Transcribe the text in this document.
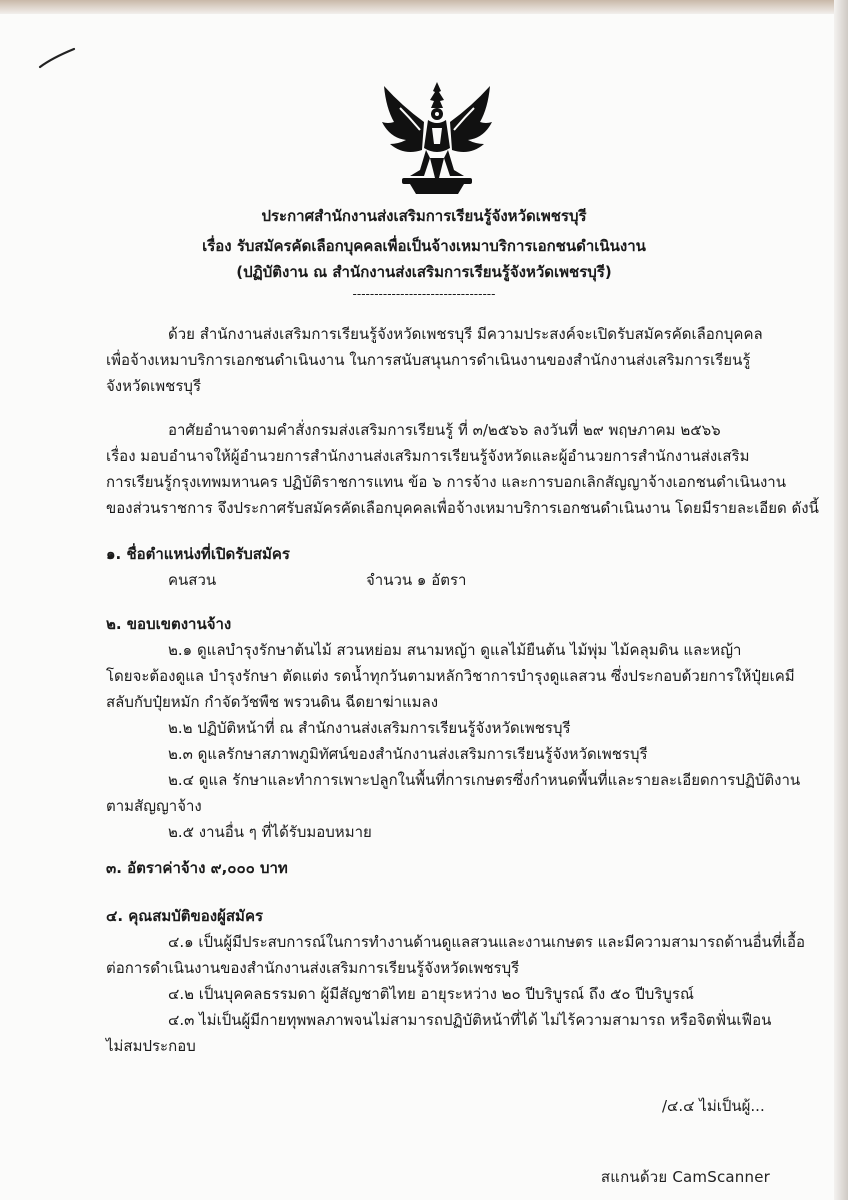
ประกาศสำนักงานส่งเสริมการเรียนรู้จังหวัดเพชรบุรี
เรื่อง รับสมัครคัดเลือกบุคคลเพื่อเป็นจ้างเหมาบริการเอกชนดำเนินงาน
(ปฏิบัติงาน ณ สำนักงานส่งเสริมการเรียนรู้จังหวัดเพชรบุรี)
---------------------------------
ด้วย สำนักงานส่งเสริมการเรียนรู้จังหวัดเพชรบุรี มีความประสงค์จะเปิดรับสมัครคัดเลือกบุคคล
เพื่อจ้างเหมาบริการเอกชนดำเนินงาน ในการสนับสนุนการดำเนินงานของสำนักงานส่งเสริมการเรียนรู้
จังหวัดเพชรบุรี
อาศัยอำนาจตามคำสั่งกรมส่งเสริมการเรียนรู้ ที่ ๓/๒๕๖๖ ลงวันที่ ๒๙ พฤษภาคม ๒๕๖๖
เรื่อง มอบอำนาจให้ผู้อำนวยการสำนักงานส่งเสริมการเรียนรู้จังหวัดและผู้อำนวยการสำนักงานส่งเสริม
การเรียนรู้กรุงเทพมหานคร ปฏิบัติราชการแทน ข้อ ๖ การจ้าง และการบอกเลิกสัญญาจ้างเอกชนดำเนินงาน
ของส่วนราชการ จึงประกาศรับสมัครคัดเลือกบุคคลเพื่อจ้างเหมาบริการเอกชนดำเนินงาน โดยมีรายละเอียด ดังนี้
๑. ชื่อตำแหน่งที่เปิดรับสมัคร
คนสวน	จำนวน ๑ อัตรา
๒. ขอบเขตงานจ้าง
๒.๑ ดูแลบำรุงรักษาต้นไม้ สวนหย่อม สนามหญ้า ดูแลไม้ยืนต้น ไม้พุ่ม ไม้คลุมดิน และหญ้า
โดยจะต้องดูแล บำรุงรักษา ตัดแต่ง รดน้ำทุกวันตามหลักวิชาการบำรุงดูแลสวน ซึ่งประกอบด้วยการให้ปุ๋ยเคมี
สลับกับปุ๋ยหมัก กำจัดวัชพืช พรวนดิน ฉีดยาฆ่าแมลง
๒.๒ ปฏิบัติหน้าที่ ณ สำนักงานส่งเสริมการเรียนรู้จังหวัดเพชรบุรี
๒.๓ ดูแลรักษาสภาพภูมิทัศน์ของสำนักงานส่งเสริมการเรียนรู้จังหวัดเพชรบุรี
๒.๔ ดูแล รักษาและทำการเพาะปลูกในพื้นที่การเกษตรซึ่งกำหนดพื้นที่และรายละเอียดการปฏิบัติงาน
ตามสัญญาจ้าง
๒.๕ งานอื่น ๆ ที่ได้รับมอบหมาย
๓. อัตราค่าจ้าง ๙,๐๐๐ บาท
๔. คุณสมบัติของผู้สมัคร
๔.๑ เป็นผู้มีประสบการณ์ในการทำงานด้านดูแลสวนและงานเกษตร และมีความสามารถด้านอื่นที่เอื้อ
ต่อการดำเนินงานของสำนักงานส่งเสริมการเรียนรู้จังหวัดเพชรบุรี
๔.๒ เป็นบุคคลธรรมดา ผู้มีสัญชาติไทย อายุระหว่าง ๒๐ ปีบริบูรณ์ ถึง ๕๐ ปีบริบูรณ์
๔.๓ ไม่เป็นผู้มีกายทุพพลภาพจนไม่สามารถปฏิบัติหน้าที่ได้ ไม่ไร้ความสามารถ หรือจิตฟั่นเฟือน
ไม่สมประกอบ
/๔.๔ ไม่เป็นผู้...
สแกนด้วย CamScanner
